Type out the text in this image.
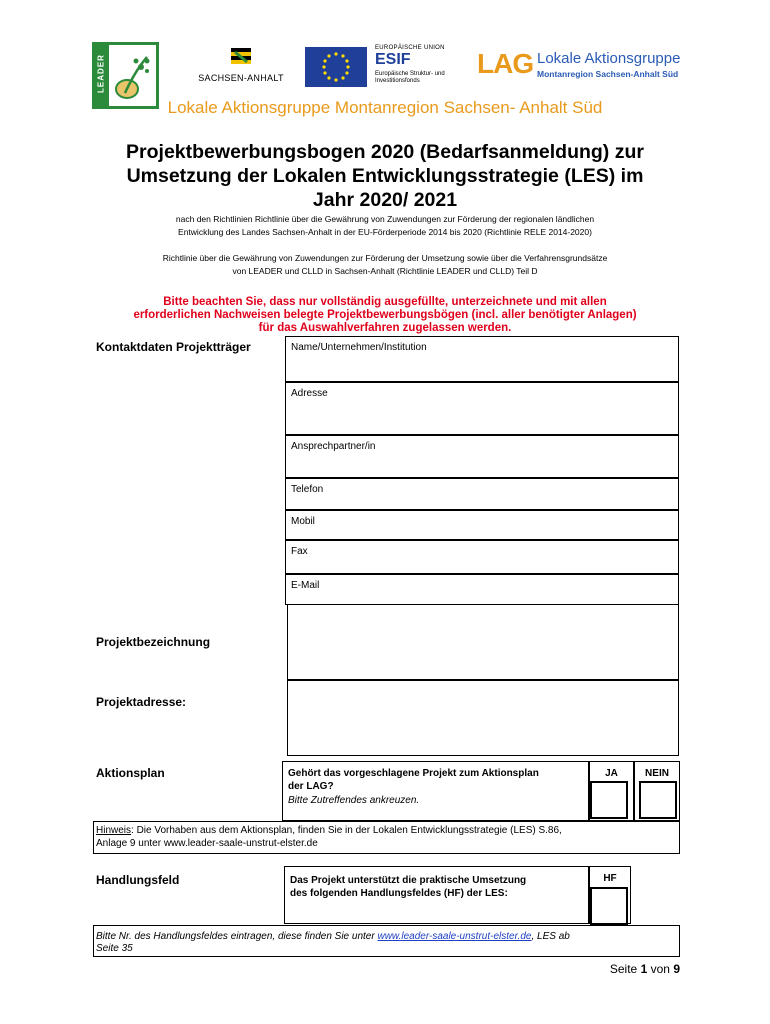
LEADER	SACHSEN-ANHALT
EUROPÄISCHE UNION
ESIF
Europäische Struktur- und
Investitionsfonds
LAG Lokale Aktionsgruppe
Montanregion Sachsen-Anhalt Süd
Lokale Aktionsgruppe Montanregion Sachsen- Anhalt Süd
Projektbewerbungsbogen 2020 (Bedarfsanmeldung) zur
Umsetzung der Lokalen Entwicklungsstrategie (LES) im
Jahr 2020/ 2021
nach den Richtlinien Richtlinie über die Gewährung von Zuwendungen zur Förderung der regionalen ländlichen
Entwicklung des Landes Sachsen-Anhalt in der EU-Förderperiode 2014 bis 2020 (Richtlinie RELE 2014-2020)
Richtlinie über die Gewährung von Zuwendungen zur Förderung der Umsetzung sowie über die Verfahrensgrundsätze
von LEADER und CLLD in Sachsen-Anhalt (Richtlinie LEADER und CLLD) Teil D
Bitte beachten Sie, dass nur vollständig ausgefüllte, unterzeichnete und mit allen
erforderlichen Nachweisen belegte Projektbewerbungsbögen (incl. aller benötigter Anlagen)
für das Auswahlverfahren zugelassen werden.
Kontaktdaten Projektträger	Name/Unternehmen/Institution
Adresse
Ansprechpartner/in
Telefon
Mobil
Fax
E-Mail
Projektbezeichnung
Projektadresse:
Aktionsplan	Gehört das vorgeschlagene Projekt zum Aktionsplan
der LAG?
Bitte Zutreffendes ankreuzen.
JA	NEIN
Hinweis: Die Vorhaben aus dem Aktionsplan, finden Sie in der Lokalen Entwicklungsstrategie (LES) S.86,
Anlage 9 unter www.leader-saale-unstrut-elster.de
Handlungsfeld	Das Projekt unterstützt die praktische Umsetzung
des folgenden Handlungsfeldes (HF) der LES:
HF
Bitte Nr. des Handlungsfeldes eintragen, diese finden Sie unter www.leader-saale-unstrut-elster.de, LES ab
Seite 35
Seite 1 von 9
